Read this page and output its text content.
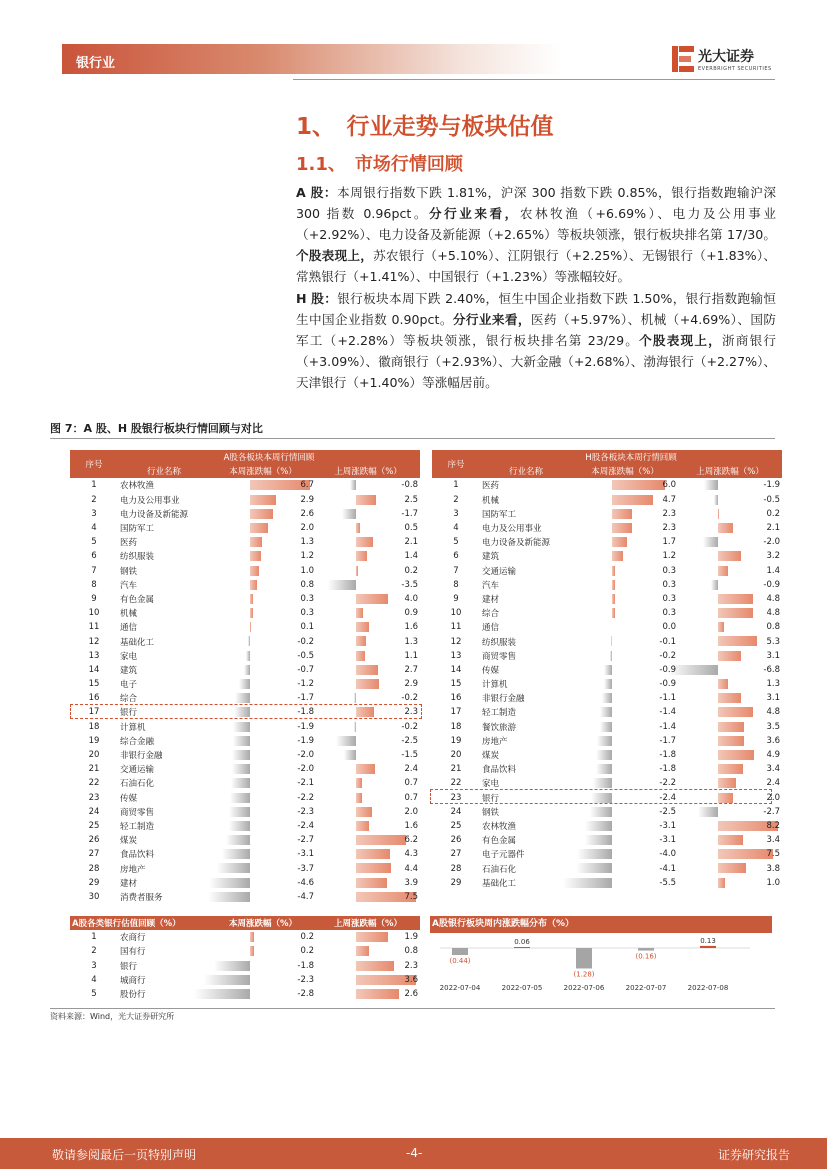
银行业	光大证券
EVERBRIGHT SECURITIES
1、　行业走势与板块估值
1.1、　市场行情回顾
A 股：本周银行指数下跌 1.81%，沪深 300 指数下跌 0.85%，银行指数跑输沪深 300 指数 0.96pct。分行业来看，农林牧渔（+6.69%）、电力及公用事业（+2.92%）、电力设备及新能源（+2.65%）等板块领涨，银行板块排名第 17/30。个股表现上，苏农银行（+5.10%）、江阴银行（+2.25%）、无锡银行（+1.83%）、常熟银行（+1.41%）、中国银行（+1.23%）等涨幅较好。
H 股：银行板块本周下跌 2.40%，恒生中国企业指数下跌 1.50%，银行指数跑输恒生中国企业指数 0.90pct。分行业来看，医药（+5.97%）、机械（+4.69%）、国防军工（+2.28%）等板块领涨，银行板块排名第 23/29。个股表现上，浙商银行（+3.09%）、徽商银行（+2.93%）、大新金融（+2.68%）、渤海银行（+2.27%）、天津银行（+1.40%）等涨幅居前。
图 7：A 股、H 股银行板块行情回顾与对比
序号	A股各板块本周行情回顾		
	行业名称	本周涨跌幅（%）	上周涨跌幅（%）
1	农林牧渔	6.7	-0.8
2	电力及公用事业	2.9	2.5
3	电力设备及新能源	2.6	-1.7
4	国防军工	2.0	0.5
5	医药	1.3	2.1
6	纺织服装	1.2	1.4
7	钢铁	1.0	0.2
8	汽车	0.8	-3.5
9	有色金属	0.3	4.0
10	机械	0.3	0.9
11	通信	0.1	1.6
12	基础化工	-0.2	1.3
13	家电	-0.5	1.1
14	建筑	-0.7	2.7
15	电子	-1.2	2.9
16	综合	-1.7	-0.2
17	银行	-1.8	2.3
18	计算机	-1.9	-0.2
19	综合金融	-1.9	-2.5
20	非银行金融	-2.0	-1.5
21	交通运输	-2.0	2.4
22	石油石化	-2.1	0.7
23	传媒	-2.2	0.7
24	商贸零售	-2.3	2.0
25	轻工制造	-2.4	1.6
26	煤炭	-2.7	6.2
27	食品饮料	-3.1	4.3
28	房地产	-3.7	4.4
29	建材	-4.6	3.9
30	消费者服务	-4.7	7.5
序号	H股各板块本周行情回顾		
	行业名称	本周涨跌幅（%）	上周涨跌幅（%）
1	医药	6.0	-1.9
2	机械	4.7	-0.5
3	国防军工	2.3	0.2
4	电力及公用事业	2.3	2.1
5	电力设备及新能源	1.7	-2.0
6	建筑	1.2	3.2
7	交通运输	0.3	1.4
8	汽车	0.3	-0.9
9	建材	0.3	4.8
10	综合	0.3	4.8
11	通信	0.0	0.8
12	纺织服装	-0.1	5.3
13	商贸零售	-0.2	3.1
14	传媒	-0.9	-6.8
15	计算机	-0.9	1.3
16	非银行金融	-1.1	3.1
17	轻工制造	-1.4	4.8
18	餐饮旅游	-1.4	3.5
19	房地产	-1.7	3.6
20	煤炭	-1.8	4.9
21	食品饮料	-1.8	3.4
22	家电	-2.2	2.4
23	银行	-2.4	2.0
24	钢铁	-2.5	-2.7
25	农林牧渔	-3.1	8.2
26	有色金属	-3.1	3.4
27	电子元器件	-4.0	7.5
28	石油石化	-4.1	3.8
29	基础化工	-5.5	1.0
A股各类银行估值回顾（%）		本周涨跌幅（%）	上周涨跌幅（%）
1	农商行	0.2	1.9
2	国有行	0.2	0.8
3	银行	-1.8	2.3
4	城商行	-2.3	3.6
5	股份行	-2.8	2.6
A股银行板块周内涨跌幅分布（%）
(0.44)
2022-07-04
0.06
2022-07-05
(1.28)
2022-07-06
(0.16)
2022-07-07
0.13
2022-07-08
资料来源：Wind，光大证券研究所
敬请参阅最后一页特别声明	-4-	证券研究报告
